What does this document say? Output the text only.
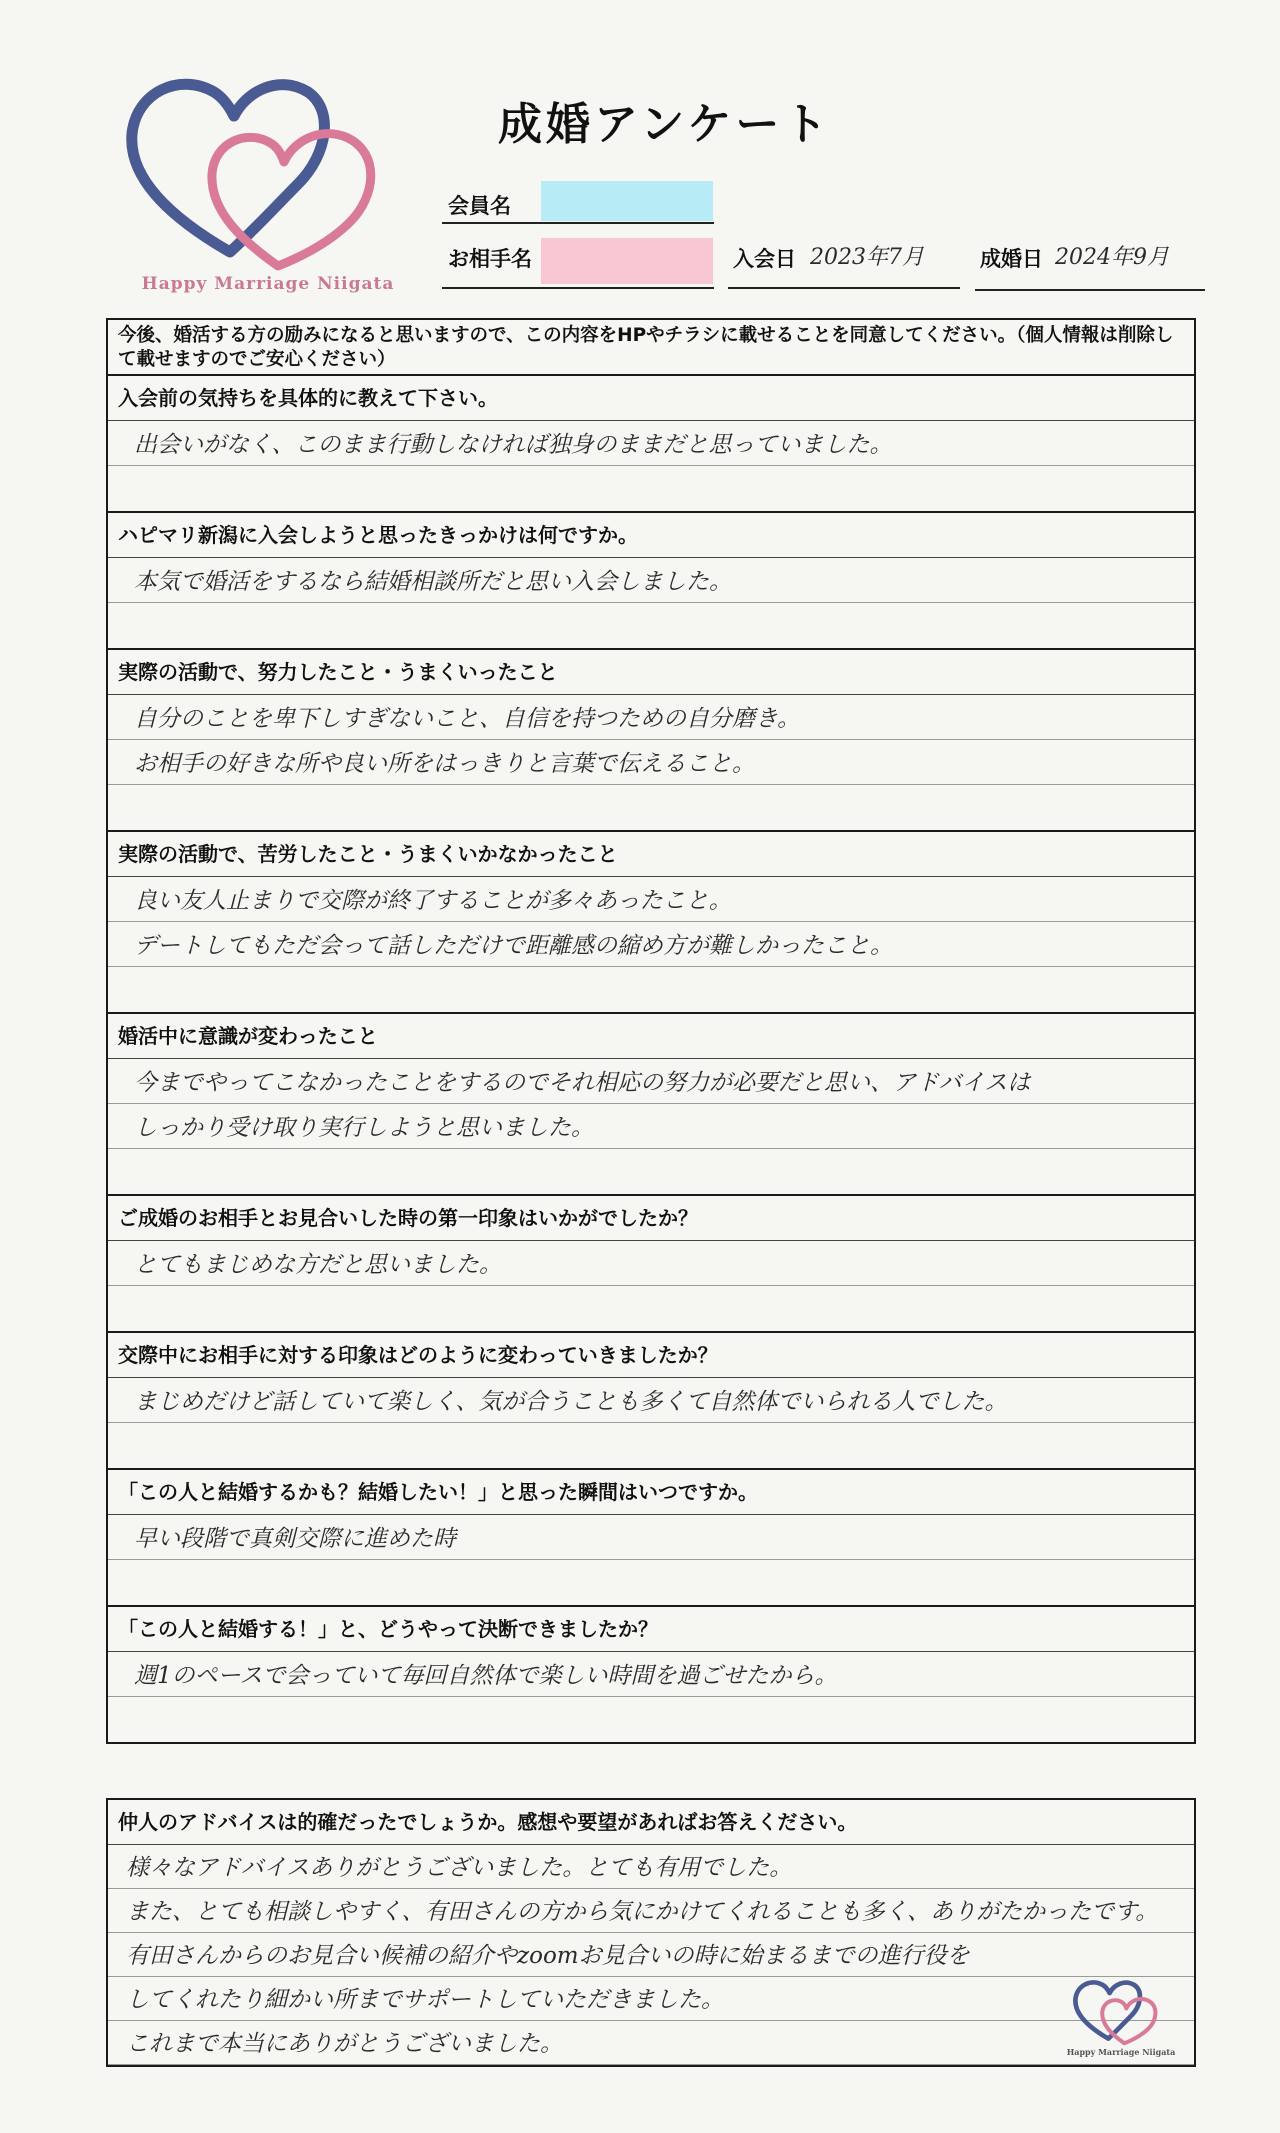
Happy Marriage Niigata
成婚アンケート
会員名
お相手名	入会日 2023年7月	成婚日 2024年9月
今後、婚活する方の励みになると思いますので、この内容をHPやチラシに載せることを同意してください。（個人情報は削除して載せますのでご安心ください）
入会前の気持ちを具体的に教えて下さい。
出会いがなく、このまま行動しなければ独身のままだと思っていました。
ハピマリ新潟に入会しようと思ったきっかけは何ですか。
本気で婚活をするなら結婚相談所だと思い入会しました。
実際の活動で、努力したこと・うまくいったこと
自分のことを卑下しすぎないこと、自信を持つための自分磨き。
お相手の好きな所や良い所をはっきりと言葉で伝えること。
実際の活動で、苦労したこと・うまくいかなかったこと
良い友人止まりで交際が終了することが多々あったこと。
デートしてもただ会って話しただけで距離感の縮め方が難しかったこと。
婚活中に意識が変わったこと
今までやってこなかったことをするのでそれ相応の努力が必要だと思い、アドバイスは
しっかり受け取り実行しようと思いました。
ご成婚のお相手とお見合いした時の第一印象はいかがでしたか？
とてもまじめな方だと思いました。
交際中にお相手に対する印象はどのように変わっていきましたか？
まじめだけど話していて楽しく、気が合うことも多くて自然体でいられる人でした。
「この人と結婚するかも？結婚したい！」と思った瞬間はいつですか。
早い段階で真剣交際に進めた時
「この人と結婚する！」と、どうやって決断できましたか？
週1のペースで会っていて毎回自然体で楽しい時間を過ごせたから。
仲人のアドバイスは的確だったでしょうか。感想や要望があればお答えください。
様々なアドバイスありがとうございました。とても有用でした。
また、とても相談しやすく、有田さんの方から気にかけてくれることも多く、ありがたかったです。
有田さんからのお見合い候補の紹介やzoomお見合いの時に始まるまでの進行役を
してくれたり細かい所までサポートしていただきました。
これまで本当にありがとうございました。	Happy Marriage Niigata
